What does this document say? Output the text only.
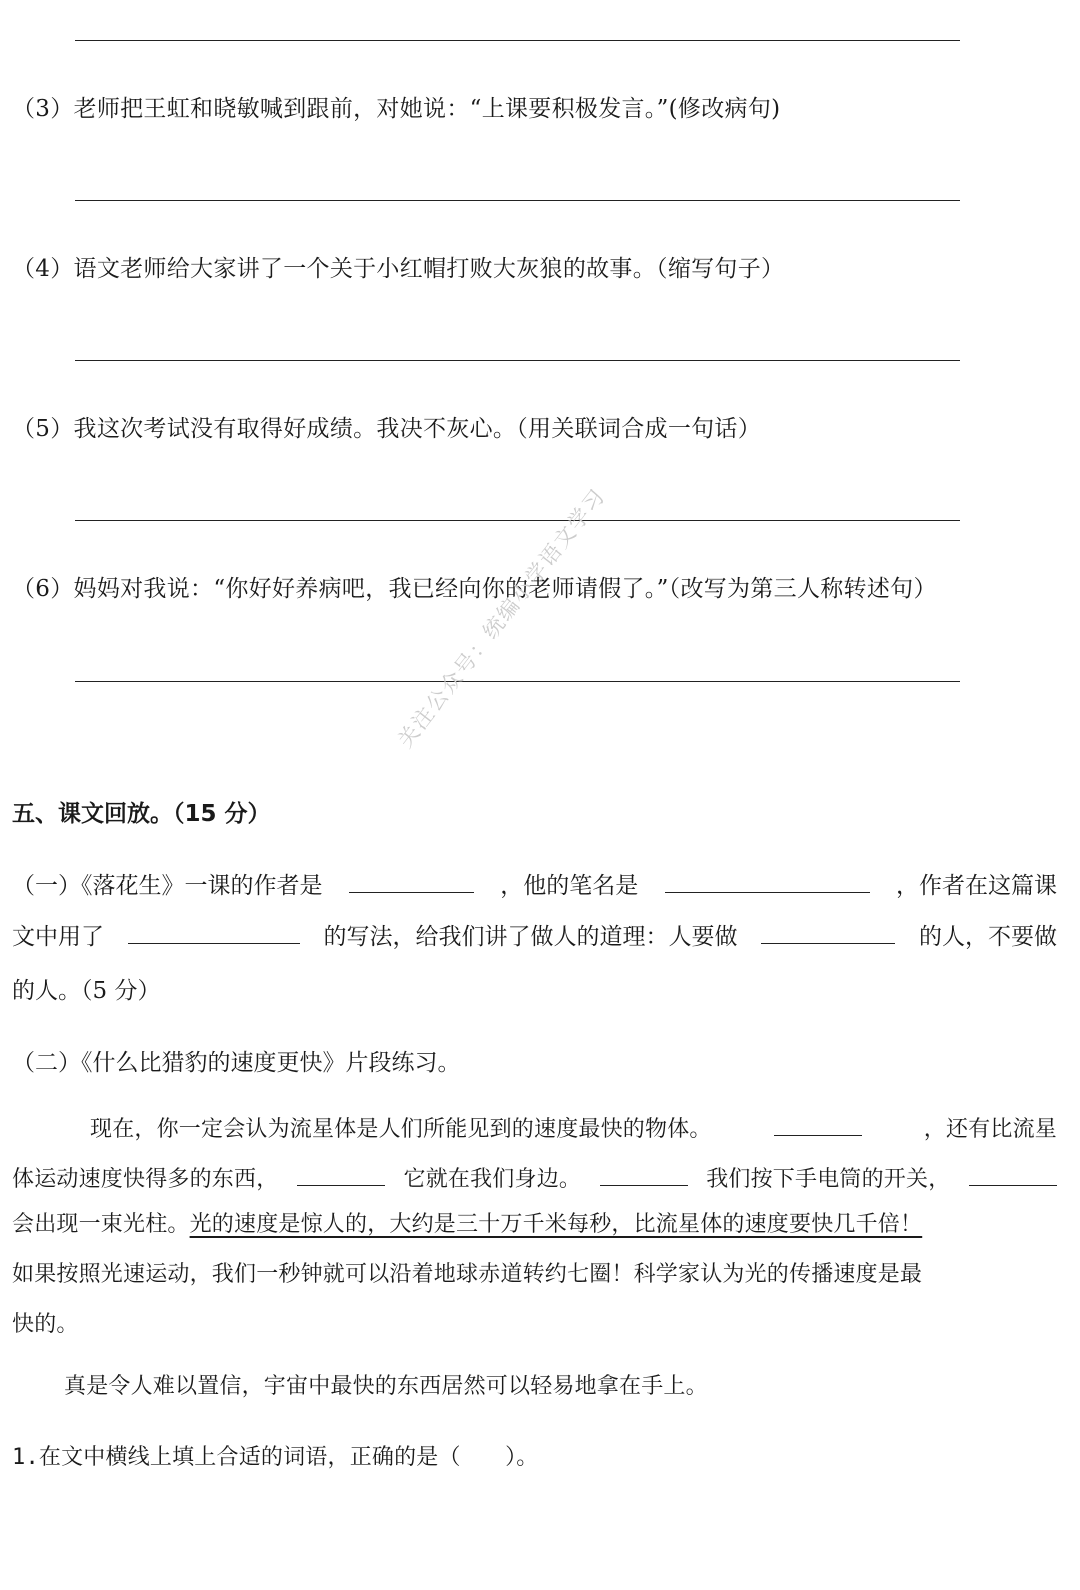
（3）老师把王虹和晓敏喊到跟前，对她说：“上课要积极发言。”(修改病句)
（4）语文老师给大家讲了一个关于小红帽打败大灰狼的故事。（缩写句子）
（5）我这次考试没有取得好成绩。我决不灰心。（用关联词合成一句话）
（6）妈妈对我说：“你好好养病吧，我已经向你的老师请假了。”（改写为第三人称转述句）
五、课文回放。（15 分）
（一）《落花生》一课的作者是	，他的笔名是	，作者在这篇课
文中用了	的写法，给我们讲了做人的道理：人要做	的人，不要做
的人。（5 分）
（二）《什么比猎豹的速度更快》片段练习。
现在，你一定会认为流星体是人们所能见到的速度最快的物体。	，还有比流星
体运动速度快得多的东西，	它就在我们身边。	我们按下手电筒的开关，
会出现一束光柱。光的速度是惊人的，大约是三十万千米每秒，比流星体的速度要快几千倍！
如果按照光速运动，我们一秒钟就可以沿着地球赤道转约七圈！科学家认为光的传播速度是最
快的。
真是令人难以置信，宇宙中最快的东西居然可以轻易地拿在手上。
1.在文中横线上填上合适的词语，正确的是（　　）。
关注公众号：统编小学语文学习
